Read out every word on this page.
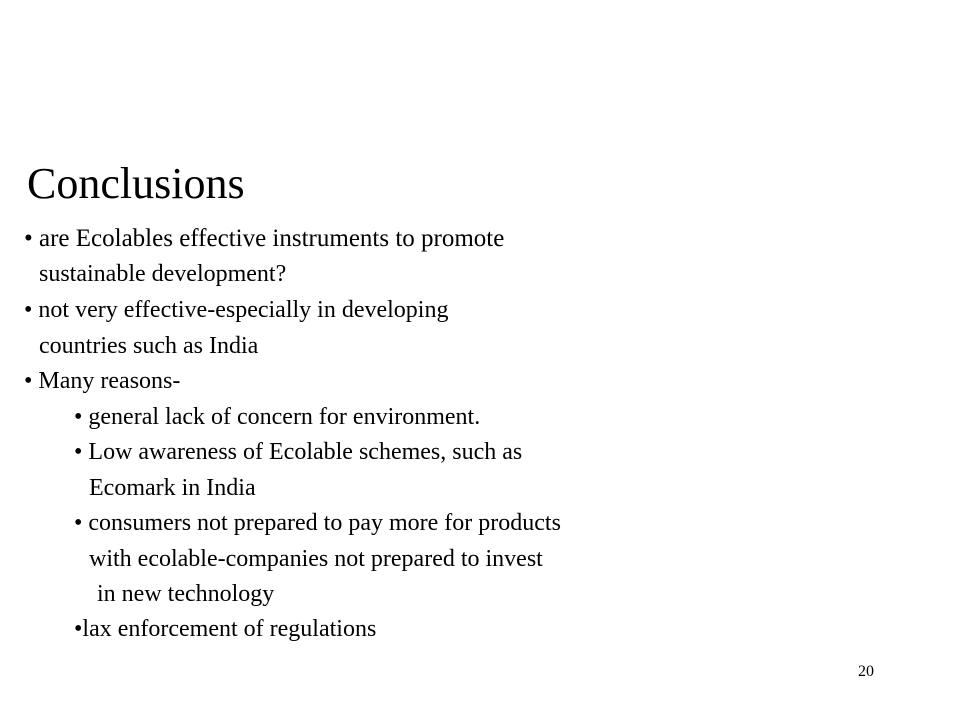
Conclusions
• are Ecolables effective instruments to promote
sustainable development?
• not very effective-especially in developing
countries such as India
• Many reasons-
• general lack of concern for environment.
• Low awareness of Ecolable schemes, such as
Ecomark in India
• consumers not prepared to pay more for products
with ecolable-companies not prepared to invest
in new technology
•lax enforcement of regulations
20
